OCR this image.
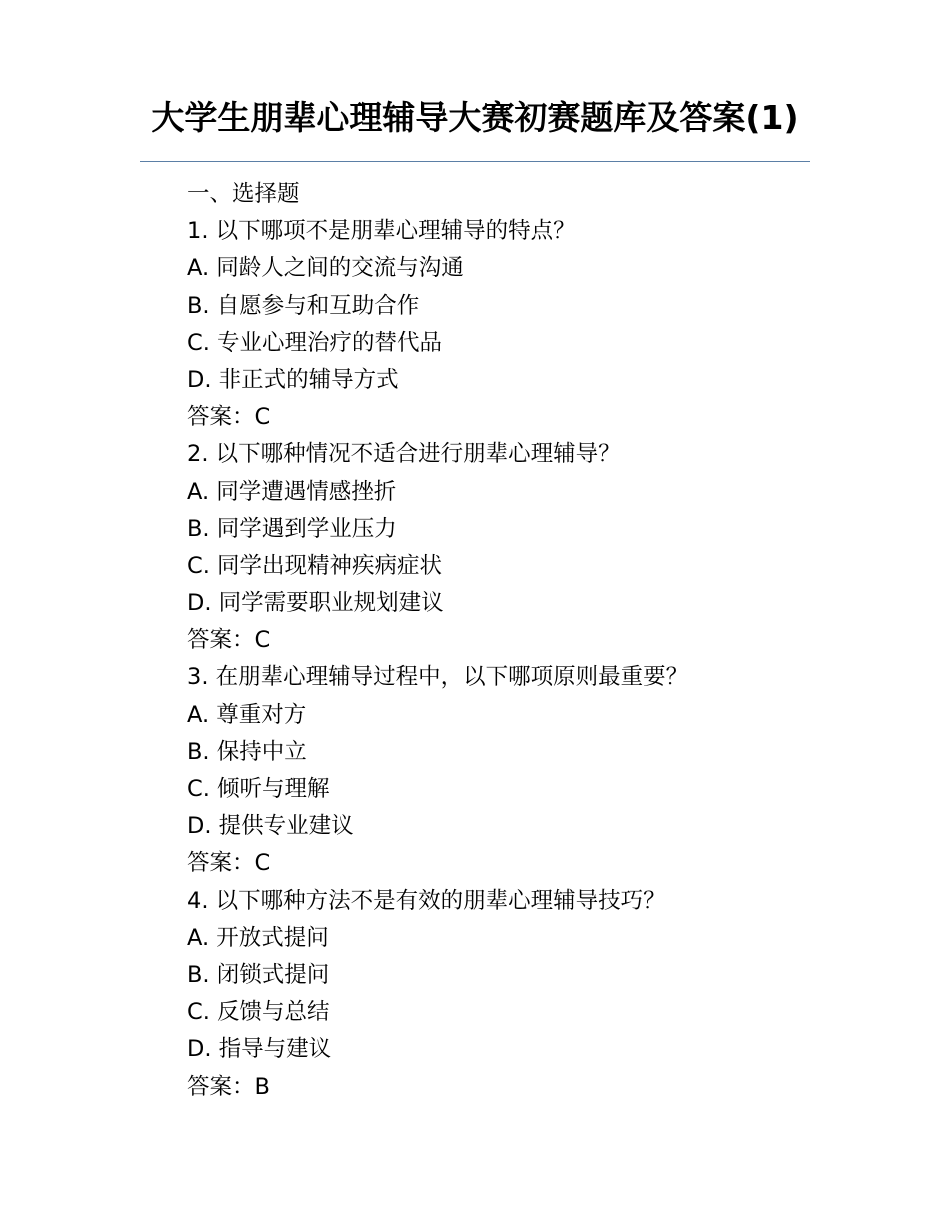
大学生朋辈心理辅导大赛初赛题库及答案(1)
一、选择题
1. 以下哪项不是朋辈心理辅导的特点？
A. 同龄人之间的交流与沟通
B. 自愿参与和互助合作
C. 专业心理治疗的替代品
D. 非正式的辅导方式
答案：C
2. 以下哪种情况不适合进行朋辈心理辅导？
A. 同学遭遇情感挫折
B. 同学遇到学业压力
C. 同学出现精神疾病症状
D. 同学需要职业规划建议
答案：C
3. 在朋辈心理辅导过程中，以下哪项原则最重要？
A. 尊重对方
B. 保持中立
C. 倾听与理解
D. 提供专业建议
答案：C
4. 以下哪种方法不是有效的朋辈心理辅导技巧？
A. 开放式提问
B. 闭锁式提问
C. 反馈与总结
D. 指导与建议
答案：B
